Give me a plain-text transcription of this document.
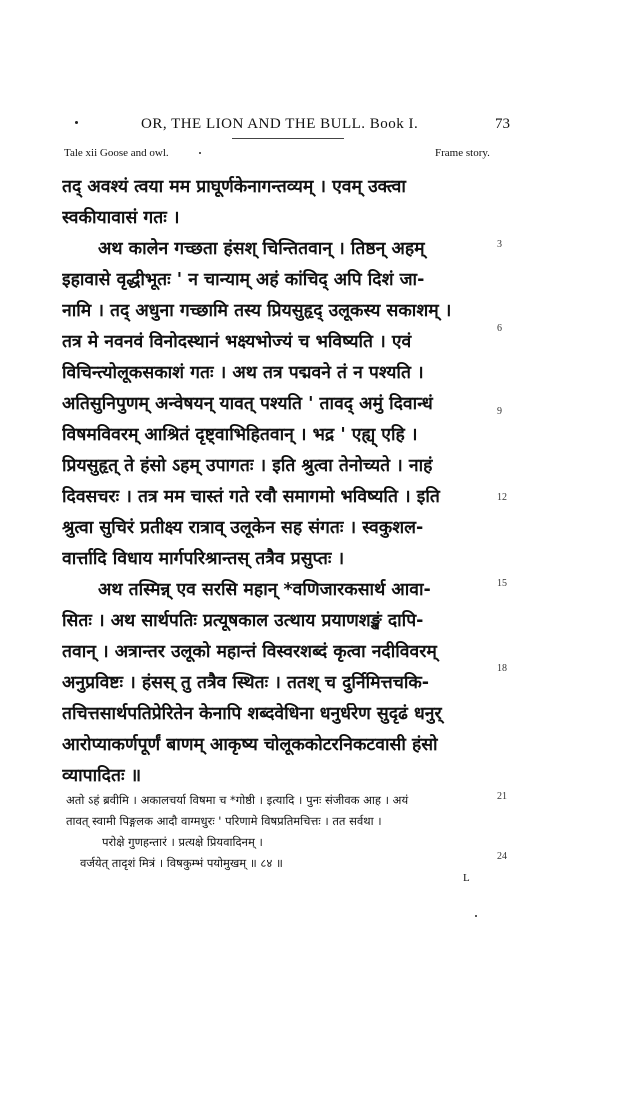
OR, THE LION AND THE BULL. Book I.	73
Tale xii Goose and owl.	Frame story.
तद् अवश्यं त्वया मम प्राघूर्णकेनागन्तव्यम् । एवम् उक्त्वा
स्वकीयावासं गतः ।
अथ कालेन गच्छता हंसश् चिन्तितवान् । तिष्ठन् अहम्
इहावासे वृद्धीभूतः ' न चान्याम् अहं कांचिद् अपि दिशं जा-
नामि । तद् अधुना गच्छामि तस्य प्रियसुहृद् उलूकस्य सकाशम् ।
तत्र मे नवनवं विनोदस्थानं भक्ष्यभोज्यं च भविष्यति । एवं
विचिन्त्योलूकसकाशं गतः । अथ तत्र पद्मवने तं न पश्यति ।
अतिसुनिपुणम् अन्वेषयन् यावत् पश्यति ' तावद् अमुं दिवान्धं
विषमविवरम् आश्रितं दृष्ट्वाभिहितवान् । भद्र ' एह्य् एहि ।
प्रियसुहृत् ते हंसो ऽहम् उपागतः । इति श्रुत्वा तेनोच्यते । नाहं
दिवसचरः । तत्र मम चास्तं गते रवौ समागमो भविष्यति । इति
श्रुत्वा सुचिरं प्रतीक्ष्य रात्राव् उलूकेन सह संगतः । स्वकुशल-
वार्त्तादि विधाय मार्गपरिश्रान्तस् तत्रैव प्रसुप्तः ।
अथ तस्मिन्न् एव सरसि महान् *वणिजारकसार्थ आवा-
सितः । अथ सार्थपतिः प्रत्यूषकाल उत्थाय प्रयाणशङ्खं दापि-
तवान् । अत्रान्तर उलूको महान्तं विस्वरशब्दं कृत्वा नदीविवरम्
अनुप्रविष्टः । हंसस् तु तत्रैव स्थितः । ततश् च दुर्निमित्तचकि-
तचित्तसार्थपतिप्रेरितेन केनापि शब्दवेधिना धनुर्धरेण सुदृढं धनुर्
आरोप्याकर्णपूर्णं बाणम् आकृष्य चोलूककोटरनिकटवासी हंसो
व्यापादितः ॥
3
6
9
12
15
18
21
24
अतो ऽहं ब्रवीमि । अकालचर्या विषमा च *गोष्ठी । इत्यादि । पुनः संजीवक आह । अयं
तावत् स्वामी पिङ्गलक आदौ वाग्मधुरः ' परिणामे विषप्रतिमचित्तः । तत सर्वथा ।
परोक्षे गुणहन्तारं । प्रत्यक्षे प्रियवादिनम् ।
वर्जयेत् तादृशं मित्रं । विषकुम्भं पयोमुखम् ॥ ८४ ॥
L
